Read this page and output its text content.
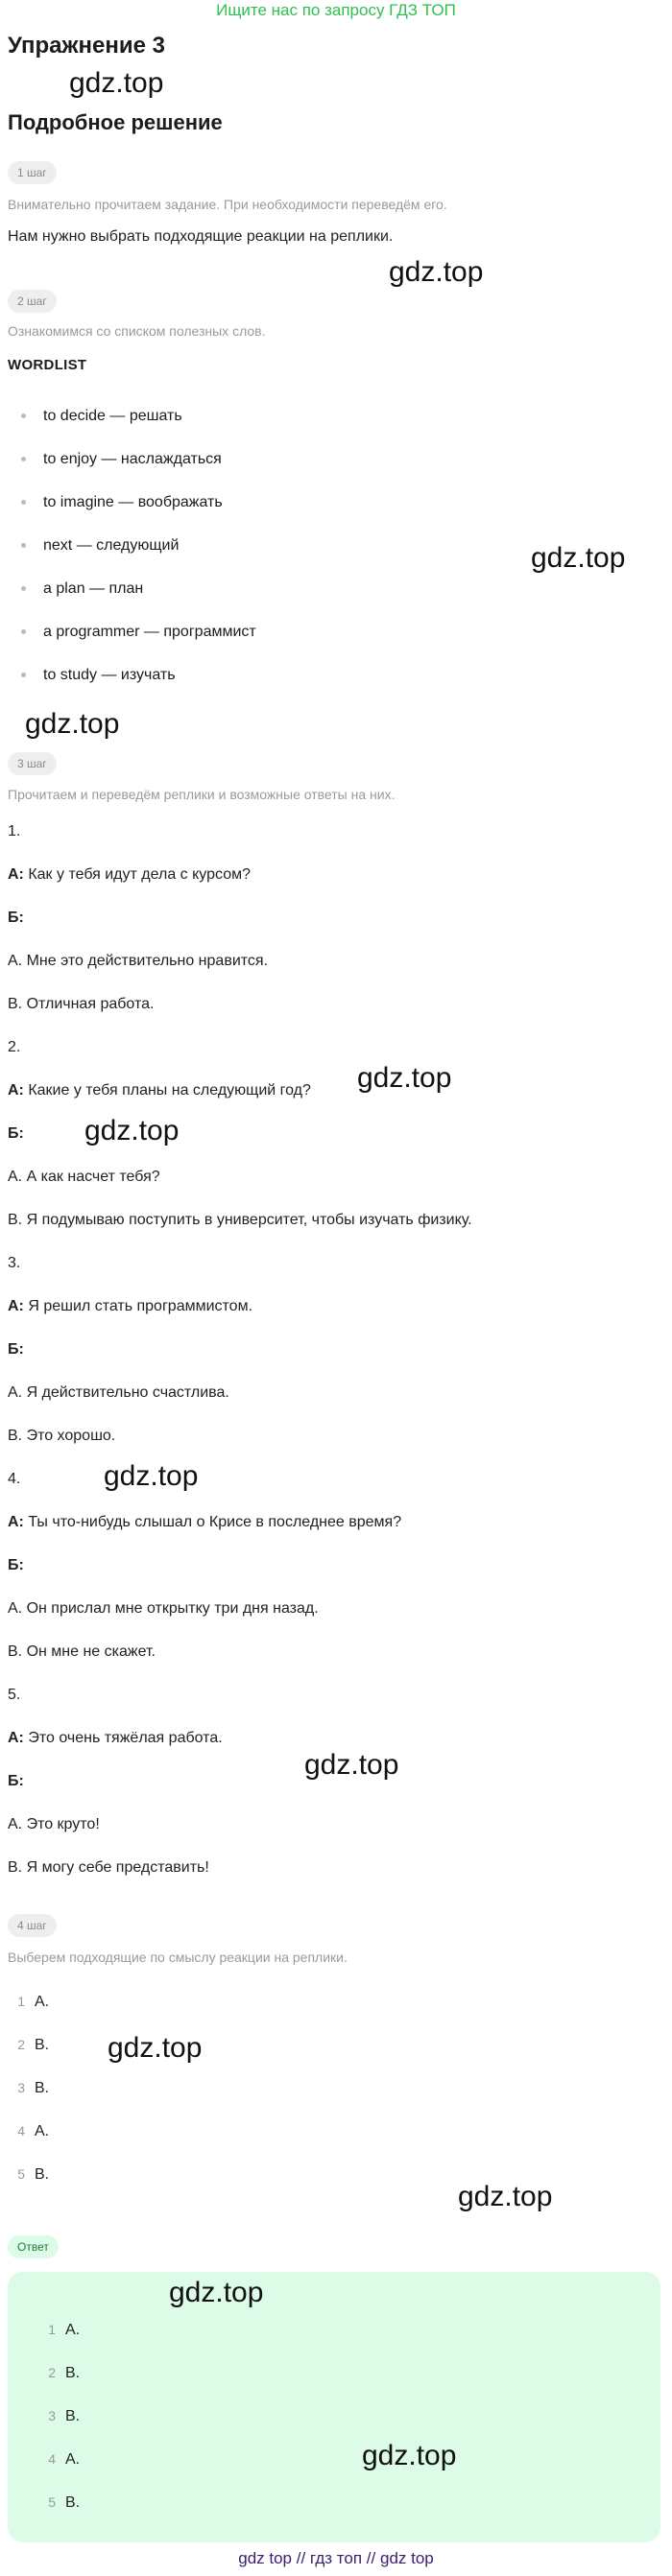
Ищите нас по запросу ГДЗ ТОП
Упражнение 3
gdz.top
Подробное решение
1 шаг
Внимательно прочитаем задание. При необходимости переведём его.
Нам нужно выбрать подходящие реакции на реплики.
gdz.top
2 шаг
Ознакомимся со списком полезных слов.
WORDLIST
to decide — решать
to enjoy — наслаждаться
to imagine — воображать
next — следующий
a plan — план
a programmer — программист
to study — изучать
gdz.top
gdz.top
3 шаг
Прочитаем и переведём реплики и возможные ответы на них.
1.
А: Как у тебя идут дела с курсом?
Б:
A. Мне это действительно нравится.
B. Отличная работа.
2.
А: Какие у тебя планы на следующий год?
Б:
A. А как насчет тебя?
B. Я подумываю поступить в университет, чтобы изучать физику.
gdz.top
gdz.top
3.
А: Я решил стать программистом.
Б:
A. Я действительно счастлива.
B. Это хорошо.
4.	gdz.top
А: Ты что-нибудь слышал о Крисе в последнее время?
Б:
A. Он прислал мне открытку три дня назад.
B. Он мне не скажет.
5.
А: Это очень тяжёлая работа.
gdz.top
Б:
A. Это круто!
B. Я могу себе представить!
4 шаг
Выберем подходящие по смыслу реакции на реплики.
1 A.
2 B.
3 B.
4 A.
5 B.
gdz.top
gdz.top
Ответ
gdz.top
1 A.
2 B.
3 B.
4 A.
5 B.
gdz.top
gdz top // гдз топ // gdz top
